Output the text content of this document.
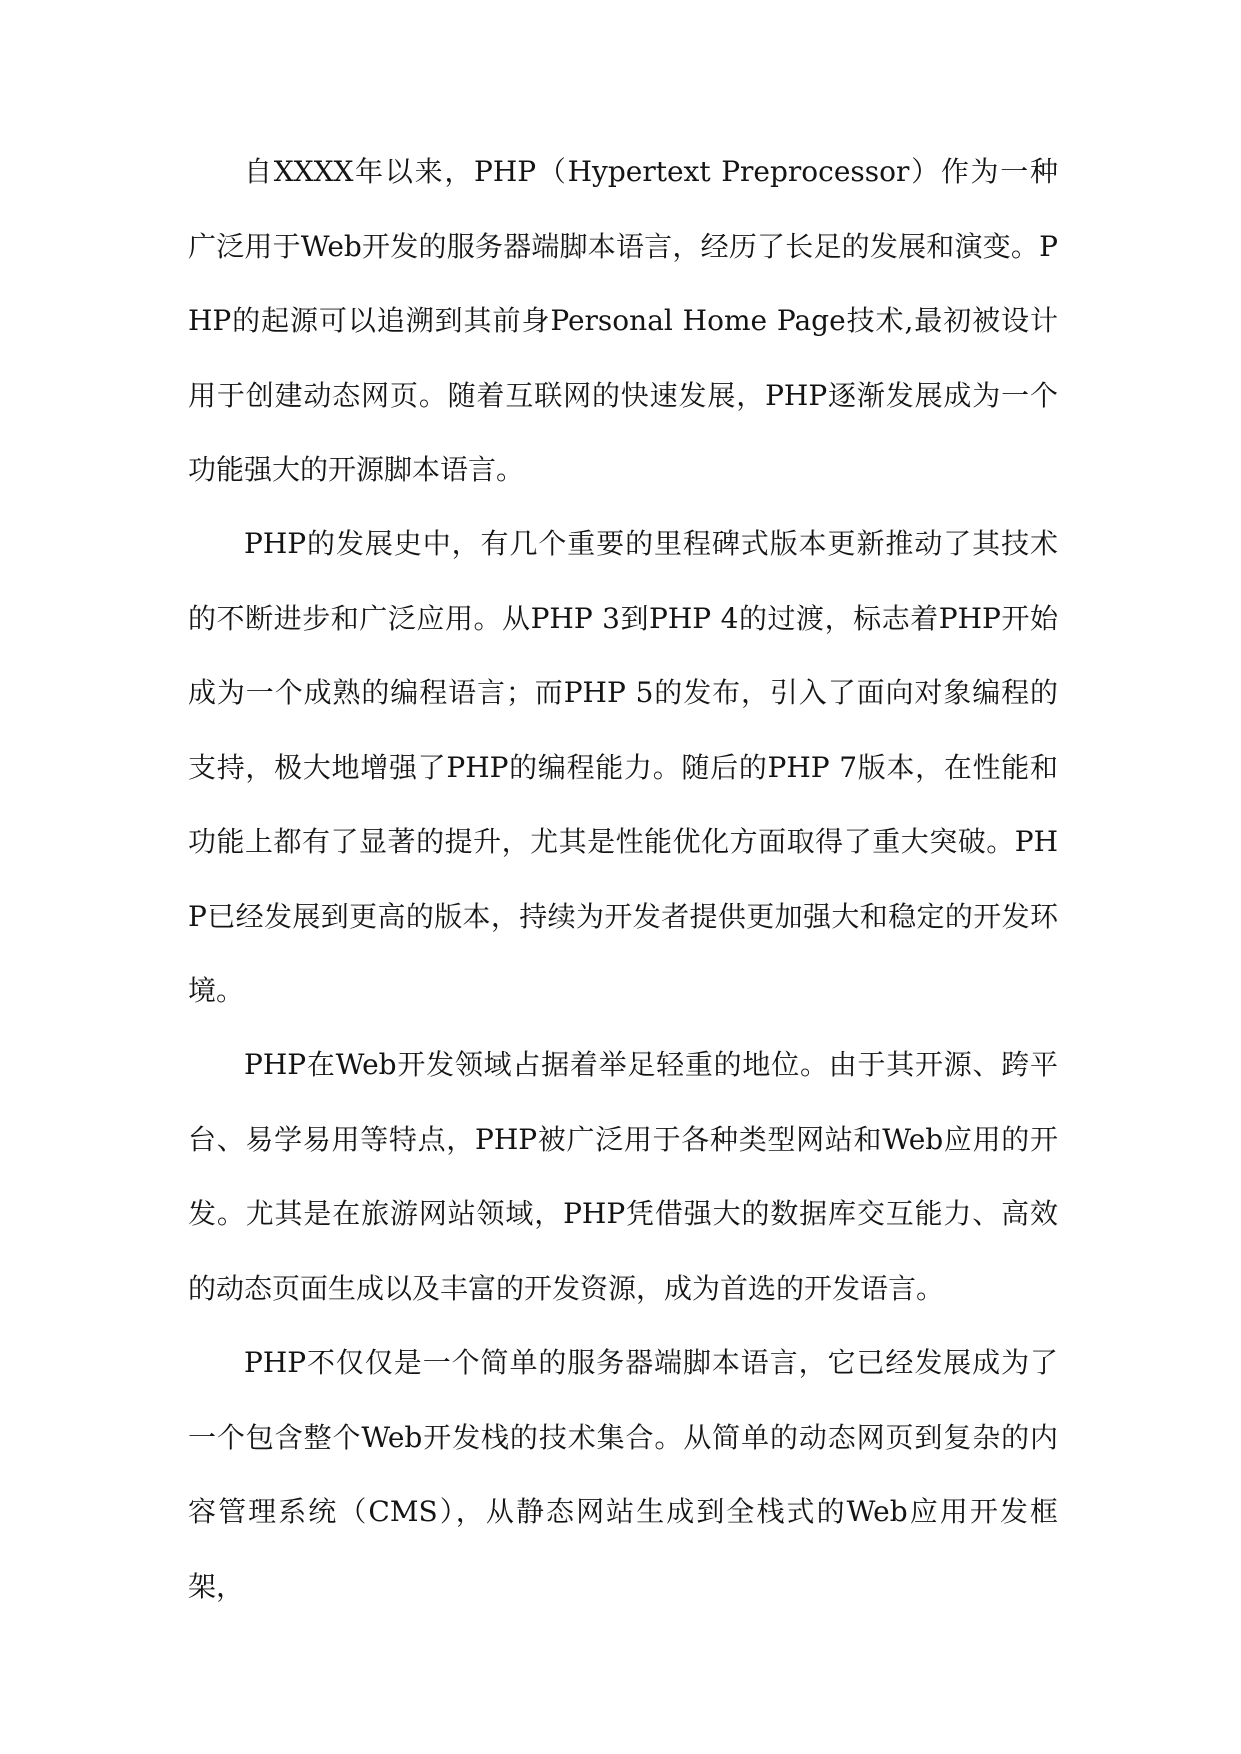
自XXXX年以来，PHP（Hypertext Preprocessor）作为一种广泛用于Web开发的服务器端脚本语言，经历了长足的发展和演变。PHP的起源可以追溯到其前身Personal Home Page技术,最初被设计用于创建动态网页。随着互联网的快速发展，PHP逐渐发展成为一个功能强大的开源脚本语言。

PHP的发展史中，有几个重要的里程碑式版本更新推动了其技术的不断进步和广泛应用。从PHP 3到PHP 4的过渡，标志着PHP开始成为一个成熟的编程语言；而PHP 5的发布，引入了面向对象编程的支持，极大地增强了PHP的编程能力。随后的PHP 7版本，在性能和功能上都有了显著的提升，尤其是性能优化方面取得了重大突破。PHP已经发展到更高的版本，持续为开发者提供更加强大和稳定的开发环境。

PHP在Web开发领域占据着举足轻重的地位。由于其开源、跨平台、易学易用等特点，PHP被广泛用于各种类型网站和Web应用的开发。尤其是在旅游网站领域，PHP凭借强大的数据库交互能力、高效的动态页面生成以及丰富的开发资源，成为首选的开发语言。

PHP不仅仅是一个简单的服务器端脚本语言，它已经发展成为了一个包含整个Web开发栈的技术集合。从简单的动态网页到复杂的内容管理系统（CMS），从静态网站生成到全栈式的Web应用开发框架，
